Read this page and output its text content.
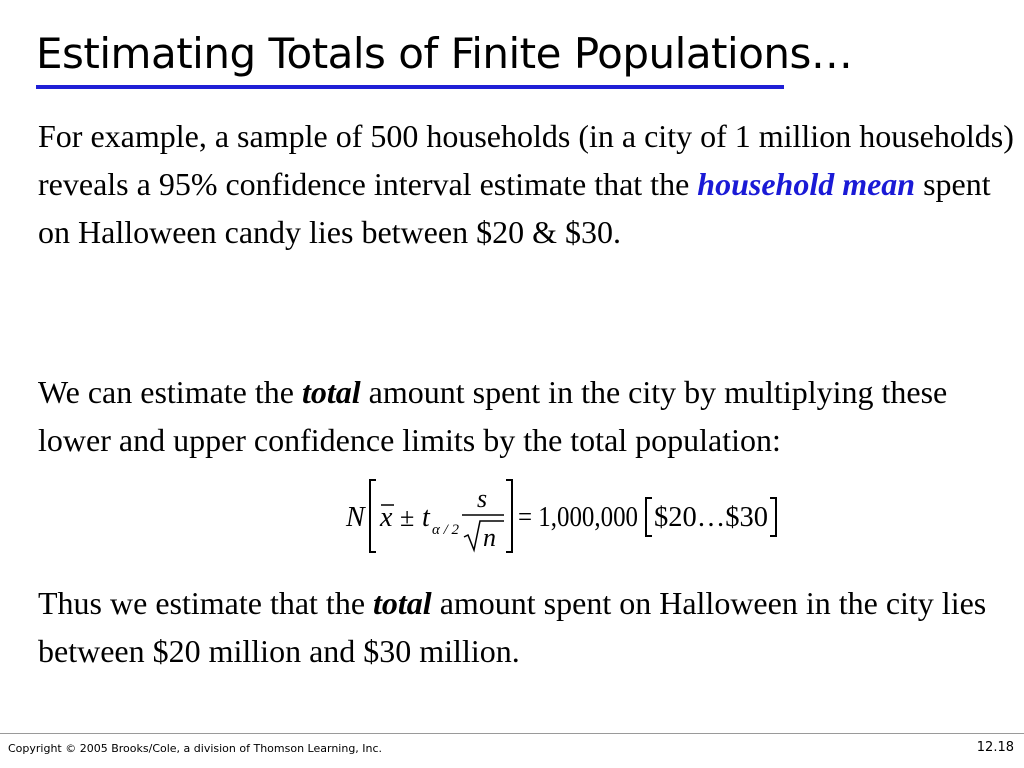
Estimating Totals of Finite Populations…

For example, a sample of 500 households (in a city of 1 million households) reveals a 95% confidence interval estimate that the household mean spent on Halloween candy lies between $20 & $30.

We can estimate the total amount spent in the city by multiplying these lower and upper confidence limits by the total population:

N x ± t α / 2
s
n
= 1,000,000 $20…$30

Thus we estimate that the total amount spent on Halloween in the city lies between $20 million and $30 million.

Copyright © 2005 Brooks/Cole, a division of Thomson Learning, Inc.	12.18
